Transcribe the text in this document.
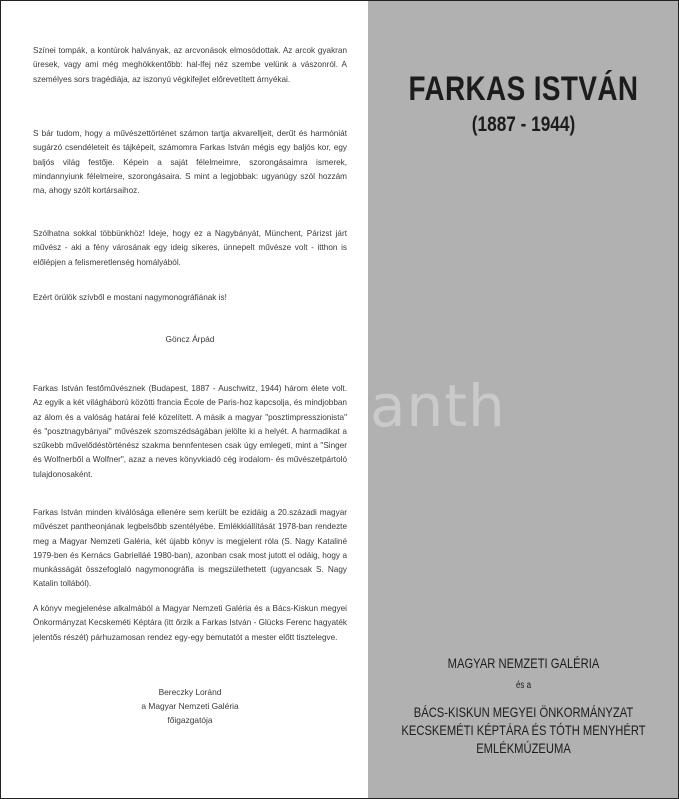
Színei tompák, a kontúrok halványak, az arcvonások elmosódottak. Az arcok gyakran üresek, vagy ami még meghökkentőbb: hal-lfej néz szembe velünk a vászonról. A személyes sors tragédiája, az iszonyú végkifejlet előrevetített árnyékai.

S bár tudom, hogy a művészettörténet számon tartja akvarelljeit, derűt és harmóniát sugárzó csendéleteit és tájképeit, számomra Farkas István mégis egy baljós kor, egy baljós világ festője. Képein a saját félelmeimre, szorongásaimra ismerek, mindannyiunk félelmeire, szorongásaira. S mint a legjobbak: ugyanúgy szól hozzám ma, ahogy szólt kortársaihoz.

Szólhatna sokkal többünkhöz! Ideje, hogy ez a Nagybányát, Münchent, Párizst járt művész - aki a fény városának egy ideig sikeres, ünnepelt művésze volt - itthon is előlépjen a felismeretlenség homályából.

Ezért örülök szívből e mostani nagymonográfiának is!

Göncz Árpád

Farkas István festőművésznek (Budapest, 1887 - Auschwitz, 1944) három élete volt. Az egyik a két világháború közötti francia École de Paris-hoz kapcsolja, és mindjobban az álom és a valóság határai felé közelített. A másik a magyar "posztimpresszionista" és "posztnagybányai" művészek szomszédságában jelölte ki a helyét. A harmadikat a szűkebb művelődéstörténész szakma bennfentesen csak úgy emlegeti, mint a "Singer és Wolfnerből a Wolfner", azaz a neves könyvkiadó cég irodalom- és művészetpártoló tulajdonosaként.

Farkas István minden kiválósága ellenére sem került be ezidáig a 20.századi magyar művészet pantheonjának legbelsőbb szentélyébe. Emlékkiállítását 1978-ban rendezte meg a Magyar Nemzeti Galéria, két újabb könyv is megjelent róla (S. Nagy Kataliné 1979-ben és Kernács Gabrielláé 1980-ban), azonban csak most jutott el odáig, hogy a munkásságát összefoglaló nagymonográfia is megszülethetett (ugyancsak S. Nagy Katalin tollából).

A könyv megjelenése alkalmából a Magyar Nemzeti Galéria és a Bács-Kiskun megyei Önkormányzat Kecskeméti Képtára (itt őrzik a Farkas István - Glücks Ferenc hagyaték jelentős részét) párhuzamosan rendez egy-egy bemutatót a mester előtt tisztelegve.

Bereczky Loránd

a Magyar Nemzeti Galéria

főigazgatója

FARKAS ISTVÁN
(1887 - 1944)
anth

MAGYAR NEMZETI GALÉRIA

és a

BÁCS-KISKUN MEGYEI ÖNKORMÁNYZAT

KECSKEMÉTI KÉPTÁRA ÉS TÓTH MENYHÉRT

EMLÉKMÚZEUMA
